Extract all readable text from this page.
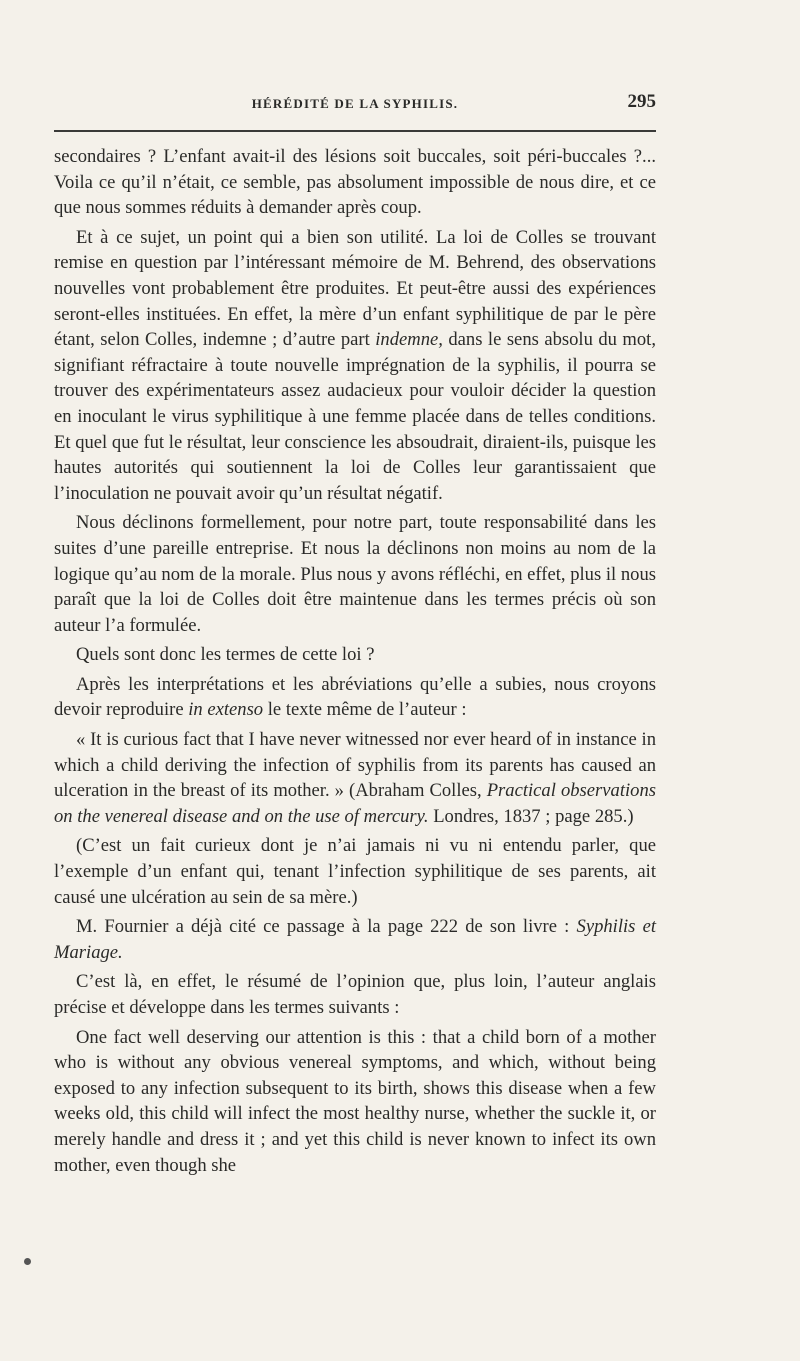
HÉRÉDITÉ DE LA SYPHILIS.	295

secondaires ? L’enfant avait-il des lésions soit buccales, soit péri-buccales ?... Voila ce qu’il n’était, ce semble, pas absolument impossible de nous dire, et ce que nous sommes réduits à demander après coup.

Et à ce sujet, un point qui a bien son utilité. La loi de Colles se trouvant remise en question par l’intéressant mémoire de M. Behrend, des observations nouvelles vont probablement être produites. Et peut-être aussi des expériences seront-elles instituées. En effet, la mère d’un enfant syphilitique de par le père étant, selon Colles, indemne ; d’autre part indemne, dans le sens absolu du mot, signifiant réfractaire à toute nouvelle imprégnation de la syphilis, il pourra se trouver des expérimentateurs assez audacieux pour vouloir décider la question en inoculant le virus syphilitique à une femme placée dans de telles conditions. Et quel que fut le résultat, leur conscience les absoudrait, diraient-ils, puisque les hautes autorités qui soutiennent la loi de Colles leur garantissaient que l’inoculation ne pouvait avoir qu’un résultat négatif.

Nous déclinons formellement, pour notre part, toute responsabilité dans les suites d’une pareille entreprise. Et nous la déclinons non moins au nom de la logique qu’au nom de la morale. Plus nous y avons réfléchi, en effet, plus il nous paraît que la loi de Colles doit être maintenue dans les termes précis où son auteur l’a formulée.

Quels sont donc les termes de cette loi ?

Après les interprétations et les abréviations qu’elle a subies, nous croyons devoir reproduire in extenso le texte même de l’auteur :

« It is curious fact that I have never witnessed nor ever heard of in instance in which a child deriving the infection of syphilis from its parents has caused an ulceration in the breast of its mother. » (Abraham Colles, Practical observations on the venereal disease and on the use of mercury. Londres, 1837 ; page 285.)

(C’est un fait curieux dont je n’ai jamais ni vu ni entendu parler, que l’exemple d’un enfant qui, tenant l’infection syphilitique de ses parents, ait causé une ulcération au sein de sa mère.)

M. Fournier a déjà cité ce passage à la page 222 de son livre : Syphilis et Mariage.

C’est là, en effet, le résumé de l’opinion que, plus loin, l’auteur anglais précise et développe dans les termes suivants :

One fact well deserving our attention is this : that a child born of a mother who is without any obvious venereal symptoms, and which, without being exposed to any infection subsequent to its birth, shows this disease when a few weeks old, this child will infect the most healthy nurse, whether the suckle it, or merely handle and dress it ; and yet this child is never known to infect its own mother, even though she
